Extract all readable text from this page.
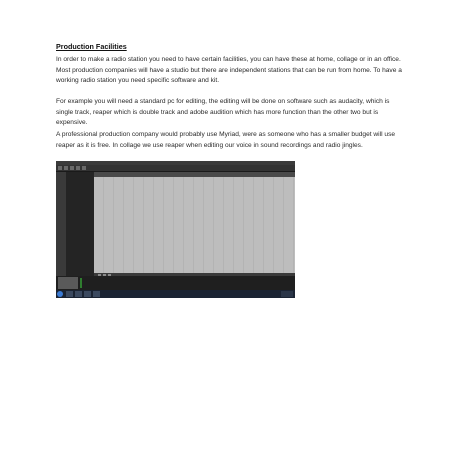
Production Facilities

In order to make a radio station you need to have certain facilities, you can have these at home, collage or in an office. Most production companies will have a studio but there are independent stations that can be run from home. To have a working radio station you need specific software and kit.

For example you will need a standard pc for editing, the editing will be done on software such as audacity, which is single track, reaper which is double track and adobe audition which has more function than the other two but is expensive.

A professional production company would probably use Myriad, were as someone who has a smaller budget will use reaper as it is free. In collage we use reaper when editing our voice in sound recordings and radio jingles.
